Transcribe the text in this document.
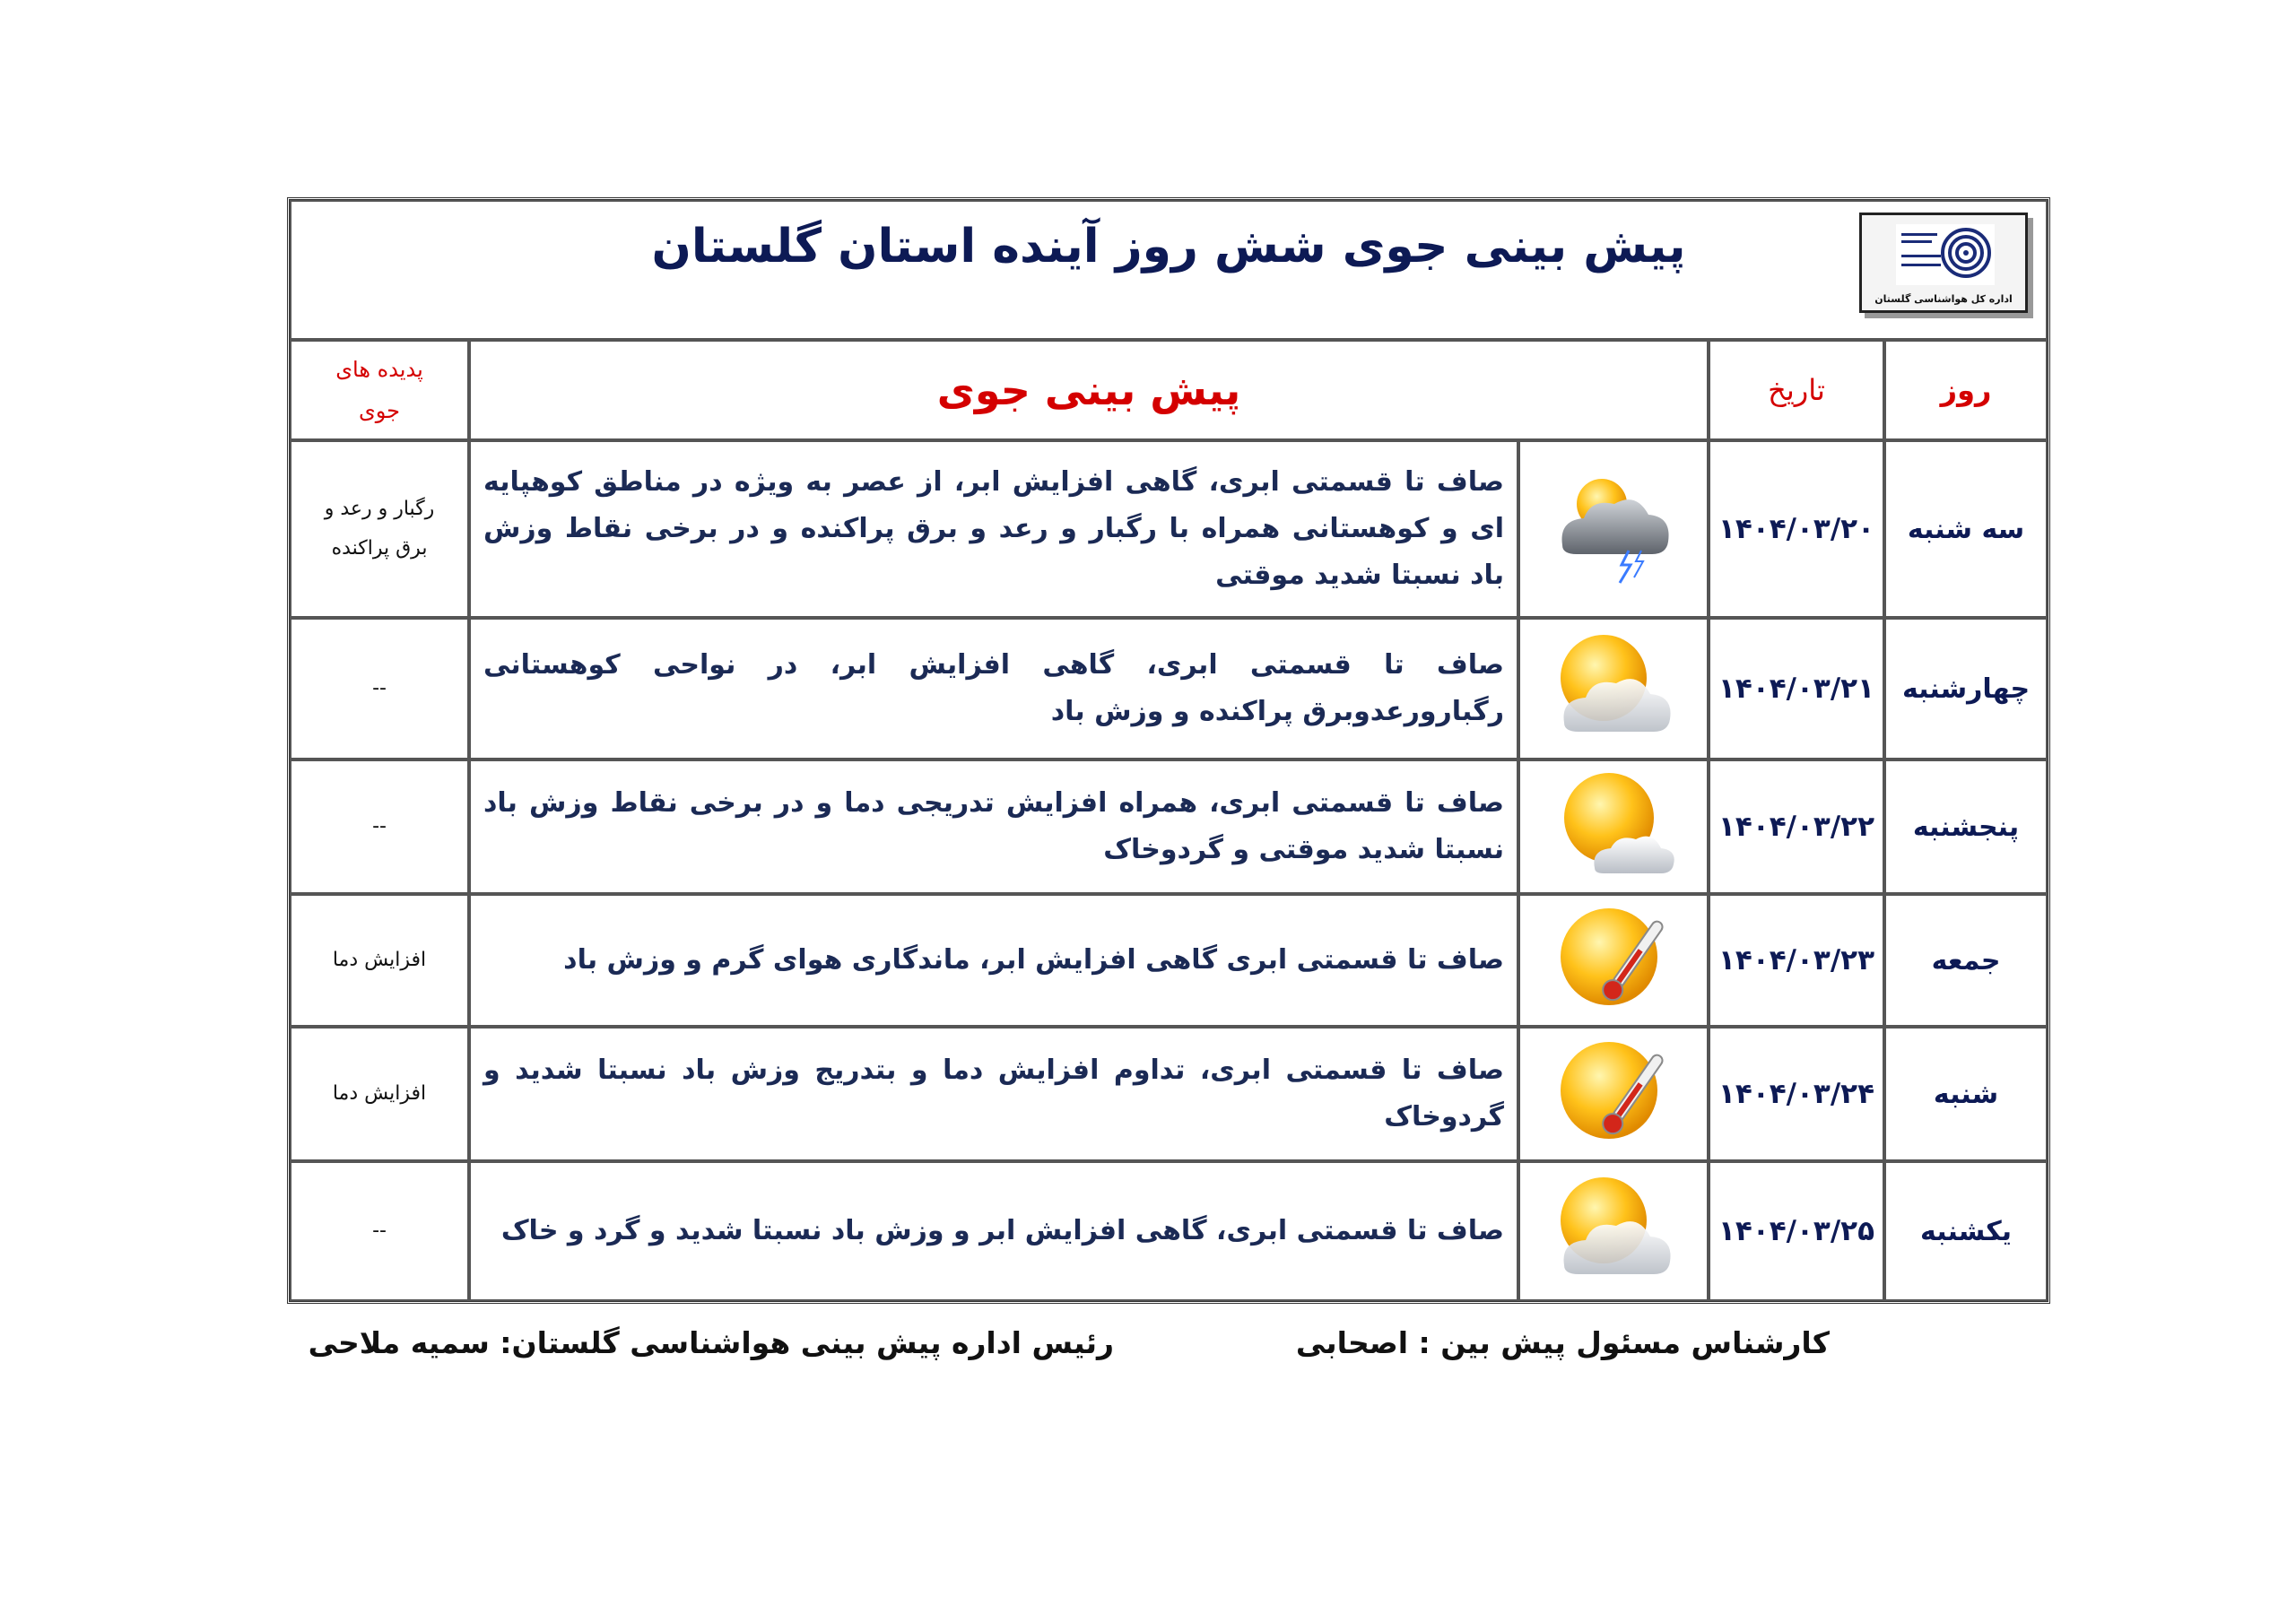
پیش بینی جوی شش روز آینده استان گلستان
اداره کل هواشناسی گلستان				

روز	تاریخ	پیش بینی جوی		پدیده های جوی

سه شنبه	۱۴۰۴/۰۳/۲۰		صاف تا قسمتی ابری، گاهی افزایش ابر، از عصر به ویژه در مناطق کوهپایه ای و کوهستانی همراه با رگبار و رعد و برق پراکنده و در برخی نقاط وزش باد نسبتا شدید موقتی	رگبار و رعد و برق پراکنده

چهارشنبه	۱۴۰۴/۰۳/۲۱		صاف تا قسمتی ابری، گاهی افزایش ابر، در نواحی کوهستانی رگبارورعدوبرق پراکنده و وزش باد	--
پنجشنبه	۱۴۰۴/۰۳/۲۲		صاف تا قسمتی ابری، همراه افزایش تدریجی دما و در برخی نقاط وزش باد نسبتا شدید موقتی و گردوخاک	--
جمعه	۱۴۰۴/۰۳/۲۳		صاف تا قسمتی ابری گاهی افزایش ابر، ماندگاری هوای گرم و وزش باد	افزایش دما
شنبه	۱۴۰۴/۰۳/۲۴		صاف تا قسمتی ابری، تداوم افزایش دما و بتدریج وزش باد نسبتا شدید و گردوخاک	افزایش دما
یکشنبه	۱۴۰۴/۰۳/۲۵		صاف تا قسمتی ابری، گاهی افزایش ابر و وزش باد نسبتا شدید و گرد و خاک	--
کارشناس مسئول پیش بین : اصحابی
رئیس اداره پیش بینی هواشناسی گلستان: سمیه ملاحی
